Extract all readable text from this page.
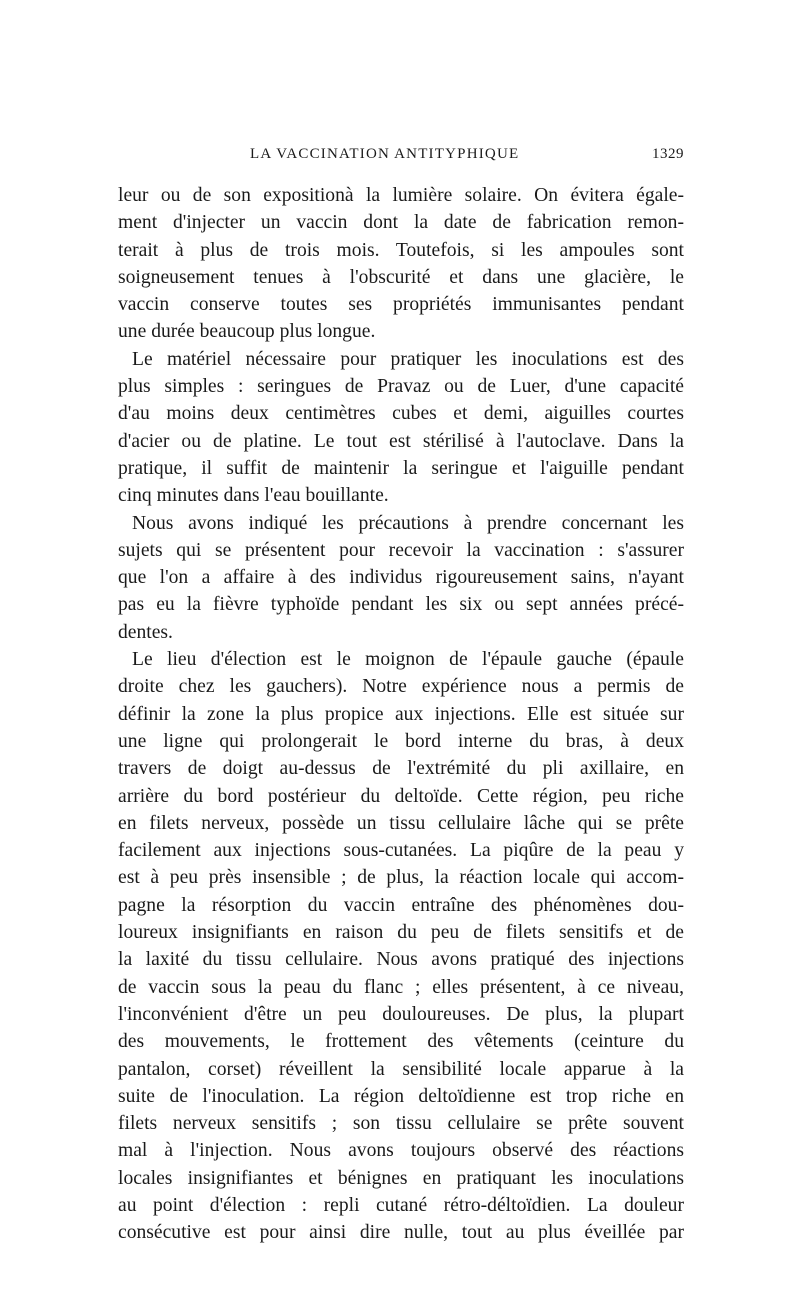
LA VACCINATION ANTITYPHIQUE	1329
leur ou de son expositionà la lumière solaire. On évitera égale-
ment d'injecter un vaccin dont la date de fabrication remon-
terait à plus de trois mois. Toutefois, si les ampoules sont
soigneusement tenues à l'obscurité et dans une glacière, le
vaccin conserve toutes ses propriétés immunisantes pendant
une durée beaucoup plus longue.
Le matériel nécessaire pour pratiquer les inoculations est des
plus simples : seringues de Pravaz ou de Luer, d'une capacité
d'au moins deux centimètres cubes et demi, aiguilles courtes
d'acier ou de platine. Le tout est stérilisé à l'autoclave. Dans la
pratique, il suffit de maintenir la seringue et l'aiguille pendant
cinq minutes dans l'eau bouillante.
Nous avons indiqué les précautions à prendre concernant les
sujets qui se présentent pour recevoir la vaccination : s'assurer
que l'on a affaire à des individus rigoureusement sains, n'ayant
pas eu la fièvre typhoïde pendant les six ou sept années précé-
dentes.
Le lieu d'élection est le moignon de l'épaule gauche (épaule
droite chez les gauchers). Notre expérience nous a permis de
définir la zone la plus propice aux injections. Elle est située sur
une ligne qui prolongerait le bord interne du bras, à deux
travers de doigt au-dessus de l'extrémité du pli axillaire, en
arrière du bord postérieur du deltoïde. Cette région, peu riche
en filets nerveux, possède un tissu cellulaire lâche qui se prête
facilement aux injections sous-cutanées. La piqûre de la peau y
est à peu près insensible ; de plus, la réaction locale qui accom-
pagne la résorption du vaccin entraîne des phénomènes dou-
loureux insignifiants en raison du peu de filets sensitifs et de
la laxité du tissu cellulaire. Nous avons pratiqué des injections
de vaccin sous la peau du flanc ; elles présentent, à ce niveau,
l'inconvénient d'être un peu douloureuses. De plus, la plupart
des mouvements, le frottement des vêtements (ceinture du
pantalon, corset) réveillent la sensibilité locale apparue à la
suite de l'inoculation. La région deltoïdienne est trop riche en
filets nerveux sensitifs ; son tissu cellulaire se prête souvent
mal à l'injection. Nous avons toujours observé des réactions
locales insignifiantes et bénignes en pratiquant les inoculations
au point d'élection : repli cutané rétro-déltoïdien. La douleur
consécutive est pour ainsi dire nulle, tout au plus éveillée par
